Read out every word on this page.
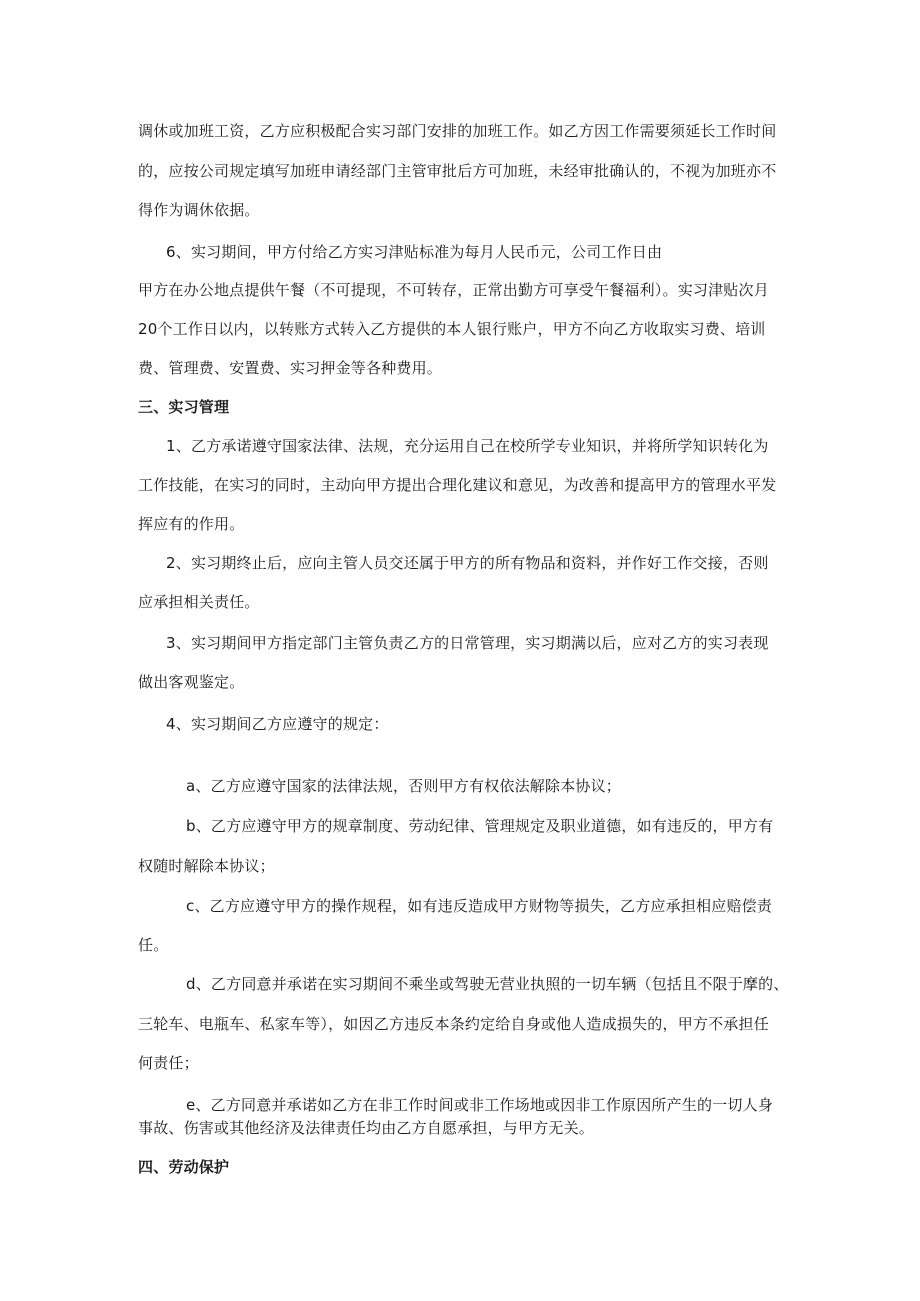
调休或加班工资，乙方应积极配合实习部门安排的加班工作。如乙方因工作需要须延长工作时间
的，应按公司规定填写加班申请经部门主管审批后方可加班，未经审批确认的，不视为加班亦不
得作为调休依据。
6、实习期间，甲方付给乙方实习津贴标准为每月人民币元，公司工作日由
甲方在办公地点提供午餐（不可提现，不可转存，正常出勤方可享受午餐福利）。实习津贴次月
20个工作日以内，以转账方式转入乙方提供的本人银行账户，甲方不向乙方收取实习费、培训
费、管理费、安置费、实习押金等各种费用。
三、实习管理
1、乙方承诺遵守国家法律、法规，充分运用自己在校所学专业知识，并将所学知识转化为
工作技能，在实习的同时，主动向甲方提出合理化建议和意见，为改善和提高甲方的管理水平发
挥应有的作用。
2、实习期终止后，应向主管人员交还属于甲方的所有物品和资料，并作好工作交接，否则
应承担相关责任。
3、实习期间甲方指定部门主管负责乙方的日常管理，实习期满以后，应对乙方的实习表现
做出客观鉴定。
4、实习期间乙方应遵守的规定：
a、乙方应遵守国家的法律法规，否则甲方有权依法解除本协议；
b、乙方应遵守甲方的规章制度、劳动纪律、管理规定及职业道德，如有违反的，甲方有
权随时解除本协议；
c、乙方应遵守甲方的操作规程，如有违反造成甲方财物等损失，乙方应承担相应赔偿责
任。
d、乙方同意并承诺在实习期间不乘坐或驾驶无营业执照的一切车辆（包括且不限于摩的、
三轮车、电瓶车、私家车等），如因乙方违反本条约定给自身或他人造成损失的，甲方不承担任
何责任；
e、乙方同意并承诺如乙方在非工作时间或非工作场地或因非工作原因所产生的一切人身
事故、伤害或其他经济及法律责任均由乙方自愿承担，与甲方无关。
四、劳动保护
